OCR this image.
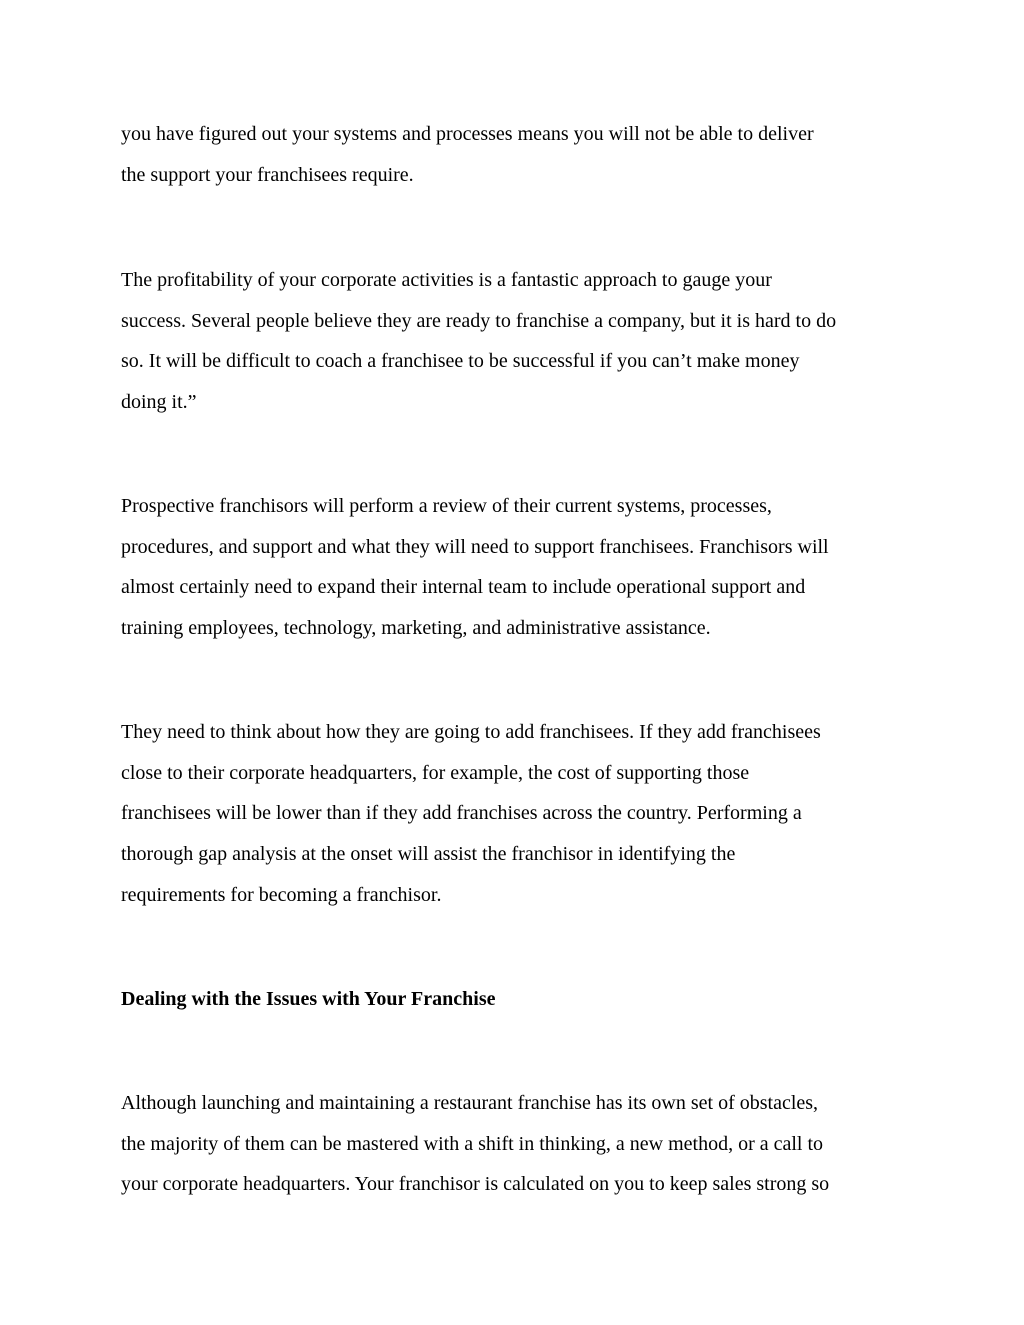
you have figured out your systems and processes means you will not be able to deliver

the support your franchisees require.

The profitability of your corporate activities is a fantastic approach to gauge your

success. Several people believe they are ready to franchise a company, but it is hard to do

so. It will be difficult to coach a franchisee to be successful if you can’t make money

doing it.”

Prospective franchisors will perform a review of their current systems, processes,

procedures, and support and what they will need to support franchisees. Franchisors will

almost certainly need to expand their internal team to include operational support and

training employees, technology, marketing, and administrative assistance.

They need to think about how they are going to add franchisees. If they add franchisees

close to their corporate headquarters, for example, the cost of supporting those

franchisees will be lower than if they add franchises across the country. Performing a

thorough gap analysis at the onset will assist the franchisor in identifying the

requirements for becoming a franchisor.

Dealing with the Issues with Your Franchise

Although launching and maintaining a restaurant franchise has its own set of obstacles,

the majority of them can be mastered with a shift in thinking, a new method, or a call to

your corporate headquarters. Your franchisor is calculated on you to keep sales strong so
